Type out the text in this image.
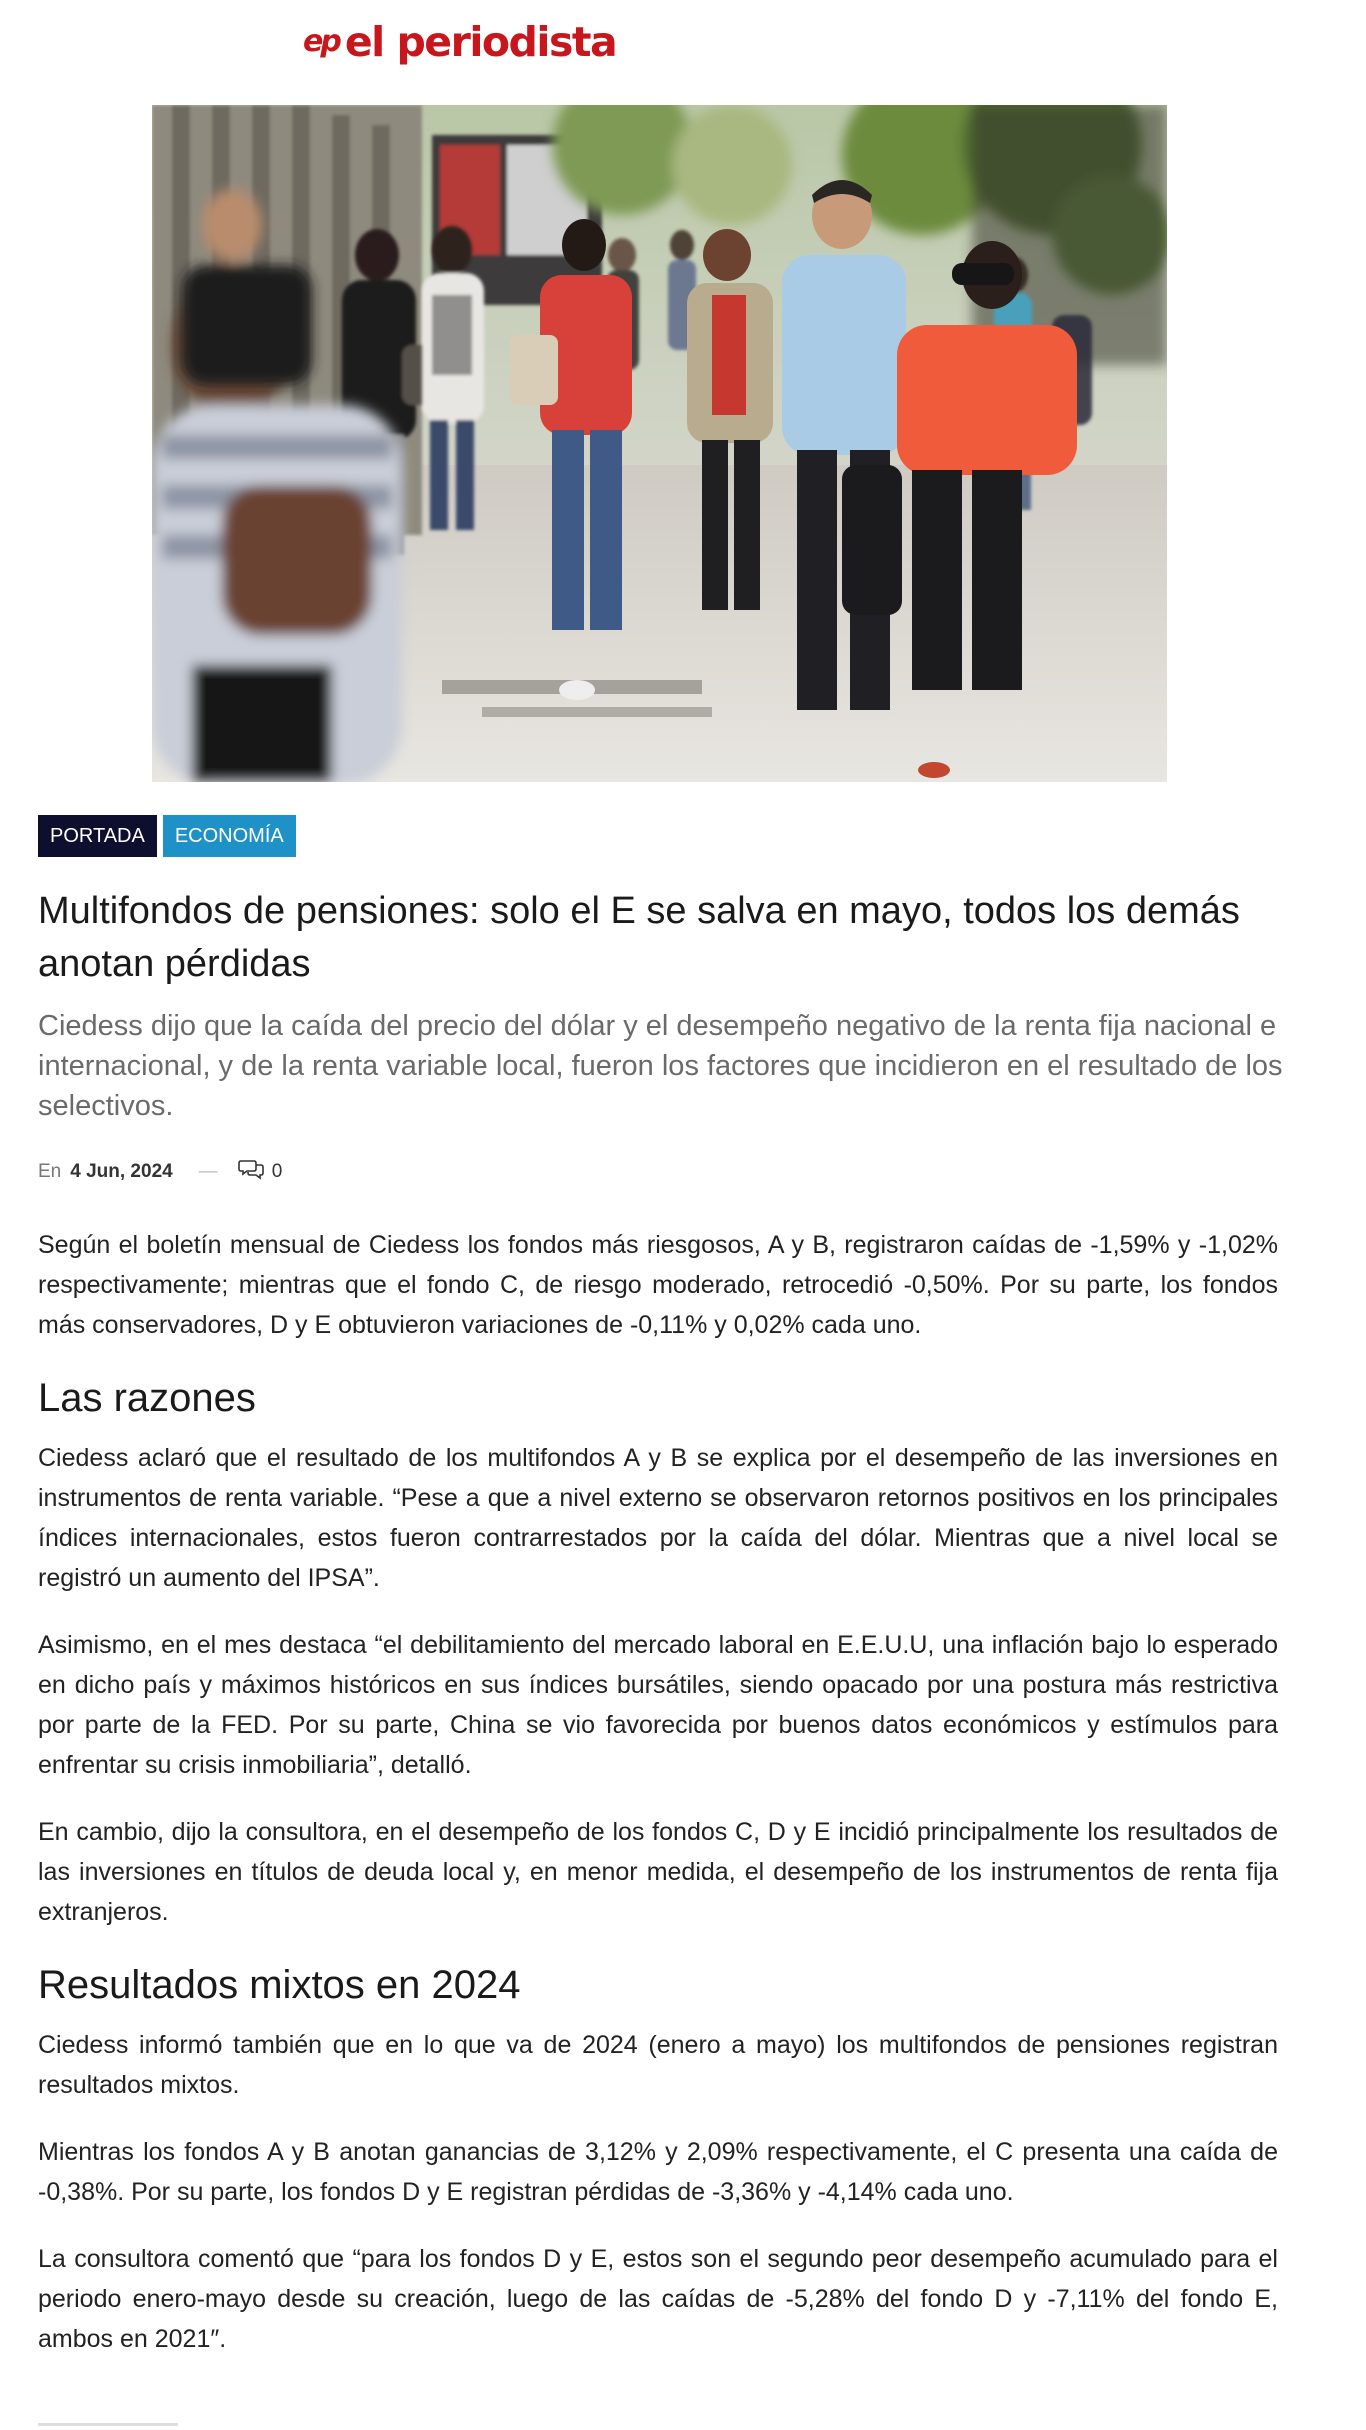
ep el periodista
PORTADA	ECONOMÍA
Multifondos de pensiones: solo el E se salva en mayo, todos los demás anotan pérdidas

Ciedess dijo que la caída del precio del dólar y el desempeño negativo de la renta fija nacional e internacional, y de la renta variable local, fueron los factores que incidieron en el resultado de los selectivos.

En 4 Jun, 2024 —	0

Según el boletín mensual de Ciedess los fondos más riesgosos, A y B, registraron caídas de -1,59% y -1,02% respectivamente; mientras que el fondo C, de riesgo moderado, retrocedió -0,50%. Por su parte, los fondos más conservadores, D y E obtuvieron variaciones de -0,11% y 0,02% cada uno.

Las razones

Ciedess aclaró que el resultado de los multifondos A y B se explica por el desempeño de las inversiones en instrumentos de renta variable. “Pese a que a nivel externo se observaron retornos positivos en los principales índices internacionales, estos fueron contrarrestados por la caída del dólar. Mientras que a nivel local se registró un aumento del IPSA”.

Asimismo, en el mes destaca “el debilitamiento del mercado laboral en E.E.U.U, una inflación bajo lo esperado en dicho país y máximos históricos en sus índices bursátiles, siendo opacado por una postura más restrictiva por parte de la FED. Por su parte, China se vio favorecida por buenos datos económicos y estímulos para enfrentar su crisis inmobiliaria”, detalló.

En cambio, dijo la consultora, en el desempeño de los fondos C, D y E incidió principalmente los resultados de las inversiones en títulos de deuda local y, en menor medida, el desempeño de los instrumentos de renta fija extranjeros.

Resultados mixtos en 2024

Ciedess informó también que en lo que va de 2024 (enero a mayo) los multifondos de pensiones registran resultados mixtos.

Mientras los fondos A y B anotan ganancias de 3,12% y 2,09% respectivamente, el C presenta una caída de -0,38%. Por su parte, los fondos D y E registran pérdidas de -3,36% y -4,14% cada uno.

La consultora comentó que “para los fondos D y E, estos son el segundo peor desempeño acumulado para el periodo enero-mayo desde su creación, luego de las caídas de -5,28% del fondo D y -7,11% del fondo E, ambos en 2021″.
